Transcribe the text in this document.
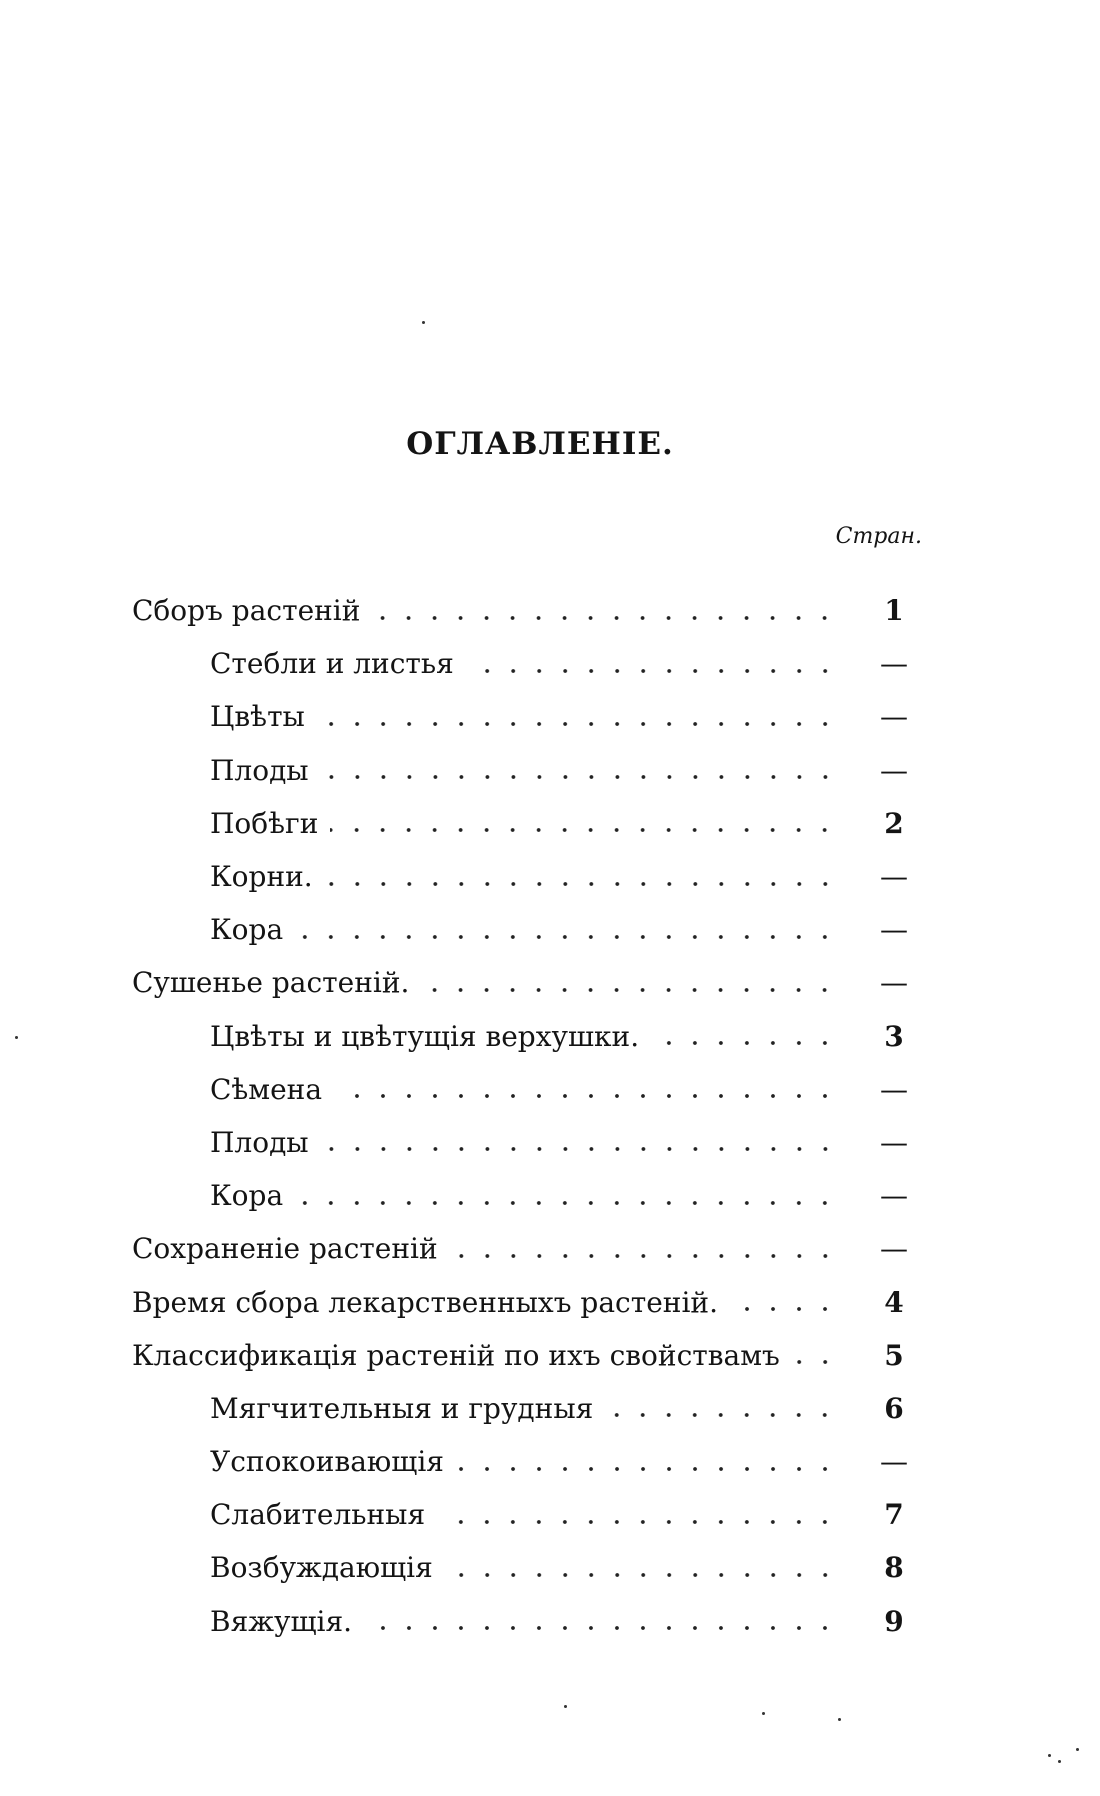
ОГЛАВЛЕНІЕ.
Стран.
Сборъ растеній	1
Стебли и листья	—
Цвѣты	—
Плоды	—
Побѣги	2
Корни.	—
Кора	—
Сушенье растеній.	—
Цвѣты и цвѣтущія верхушки.	3
Сѣмена	—
Плоды	—
Кора	—
Сохраненіе растеній	—
Время сбора лекарственныхъ растеній.	4
Классификація растеній по ихъ свойствамъ	5
Мягчительныя и грудныя	6
Успокоивающія	—
Слабительныя	7
Возбуждающія	8
Вяжущія.	9
